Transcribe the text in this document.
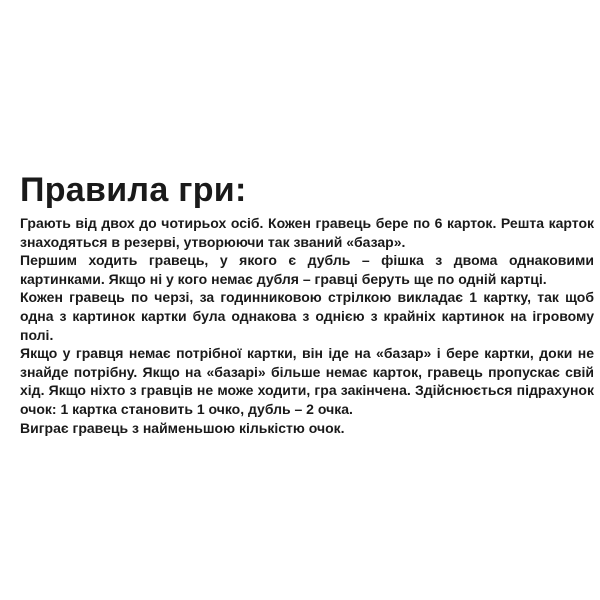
Правила гри:

Грають від двох до чотирьох осіб. Кожен гравець бере по 6 карток. Решта карток знаходяться в резерві, утворюючи так званий «базар».

Першим ходить гравець, у якого є дубль – фішка з двома однаковими картинками. Якщо ні у кого немає дубля – гравці беруть ще по одній картці.

Кожен гравець по черзі, за годинниковою стрілкою викладає 1 картку, так щоб одна з картинок картки була однакова з однією з крайніх картинок на ігровому полі.

Якщо у гравця немає потрібної картки, він іде на «базар» і бере картки, доки не знайде потрібну. Якщо на «базарі» більше немає карток, гравець пропускає свій хід. Якщо ніхто з гравців не може ходити, гра закінчена. Здійснюється підрахунок очок: 1 картка становить 1 очко, дубль – 2 очка.

Виграє гравець з найменьшою кількістю очок.
